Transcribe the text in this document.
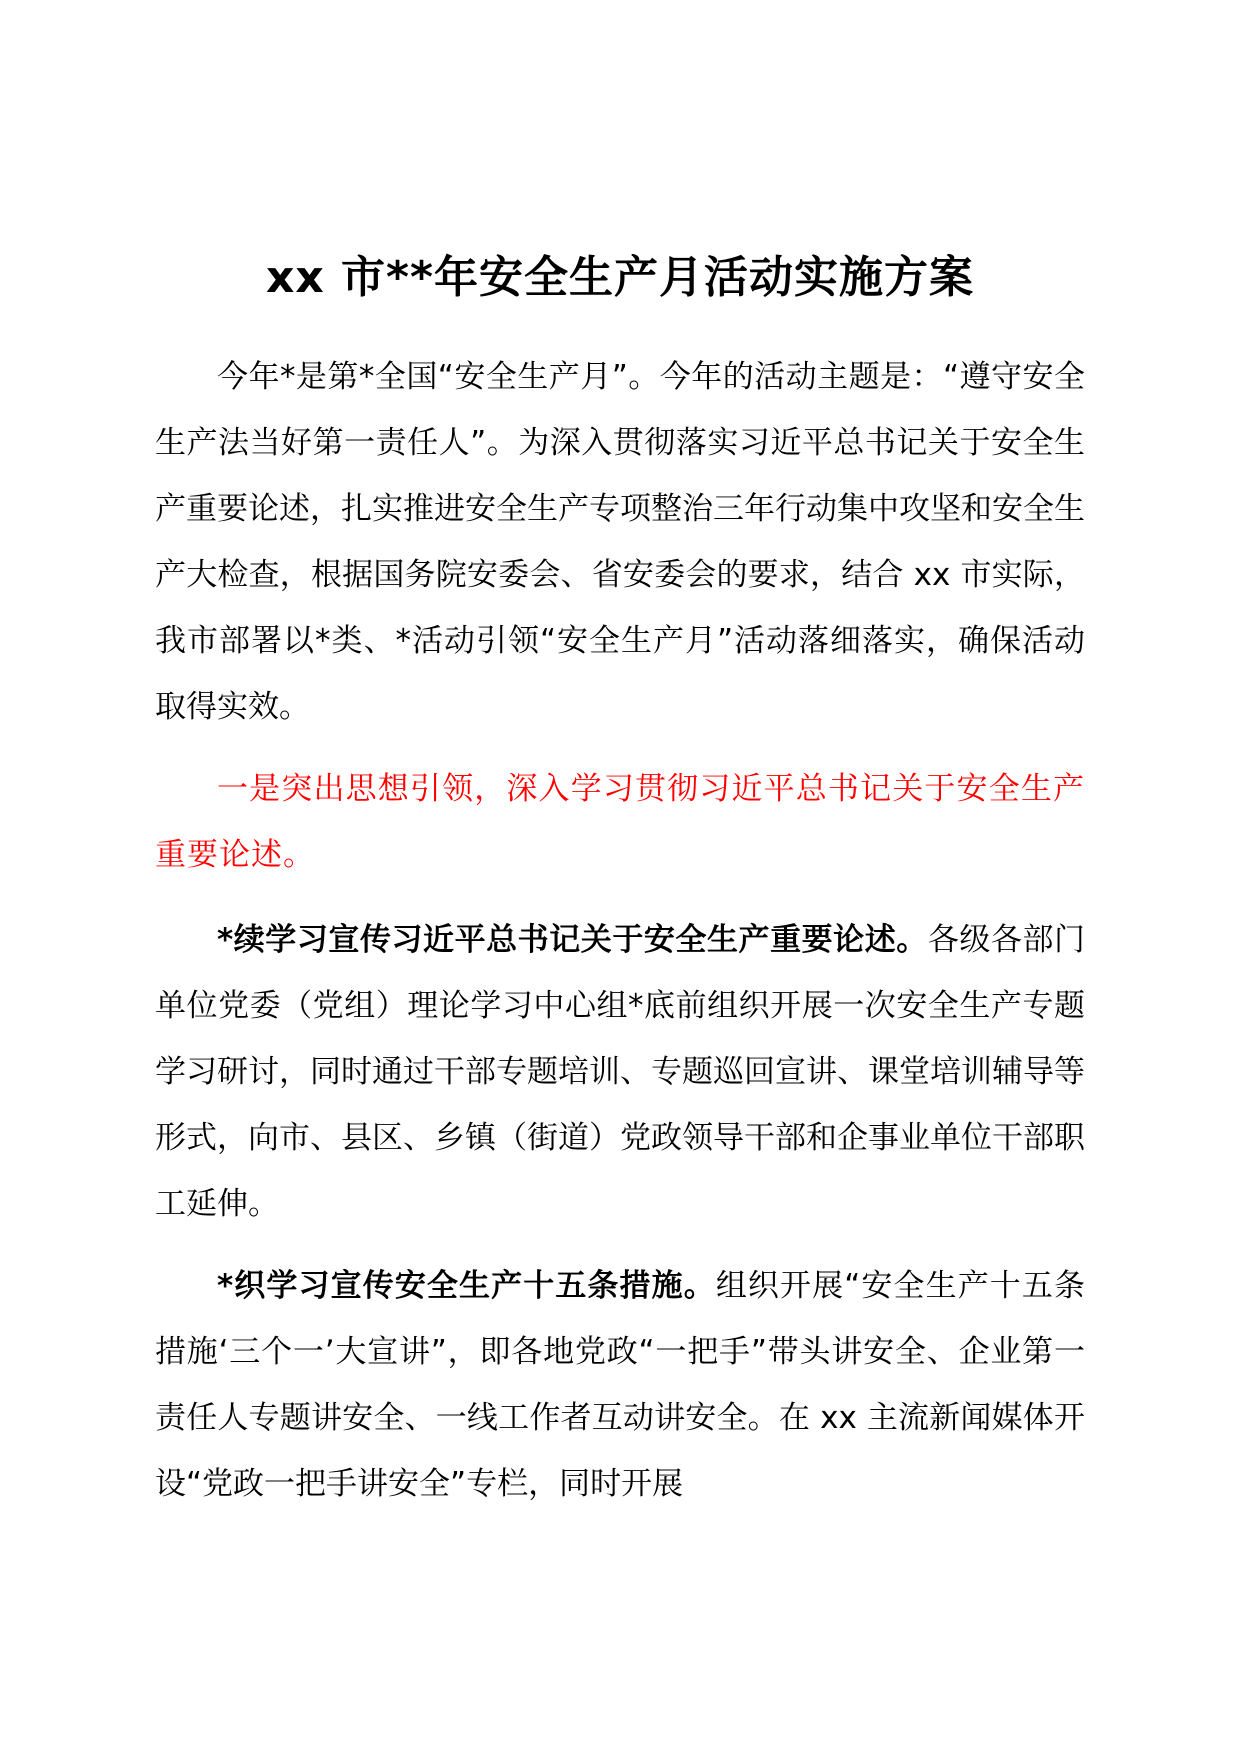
xx 市**年安全生产月活动实施方案

今年*是第*全国“安全生产月”。今年的活动主题是：“遵守安全生产法当好第一责任人”。为深入贯彻落实习近平总书记关于安全生产重要论述，扎实推进安全生产专项整治三年行动集中攻坚和安全生产大检查，根据国务院安委会、省安委会的要求，结合 xx 市实际，我市部署以*类、*活动引领“安全生产月”活动落细落实，确保活动取得实效。

一是突出思想引领，深入学习贯彻习近平总书记关于安全生产重要论述。

*续学习宣传习近平总书记关于安全生产重要论述。各级各部门单位党委（党组）理论学习中心组*底前组织开展一次安全生产专题学习研讨，同时通过干部专题培训、专题巡回宣讲、课堂培训辅导等形式，向市、县区、乡镇（街道）党政领导干部和企事业单位干部职工延伸。

*织学习宣传安全生产十五条措施。组织开展“安全生产十五条措施‘三个一’大宣讲”，即各地党政“一把手”带头讲安全、企业第一责任人专题讲安全、一线工作者互动讲安全。在 xx 主流新闻媒体开设“党政一把手讲安全”专栏，同时开展
